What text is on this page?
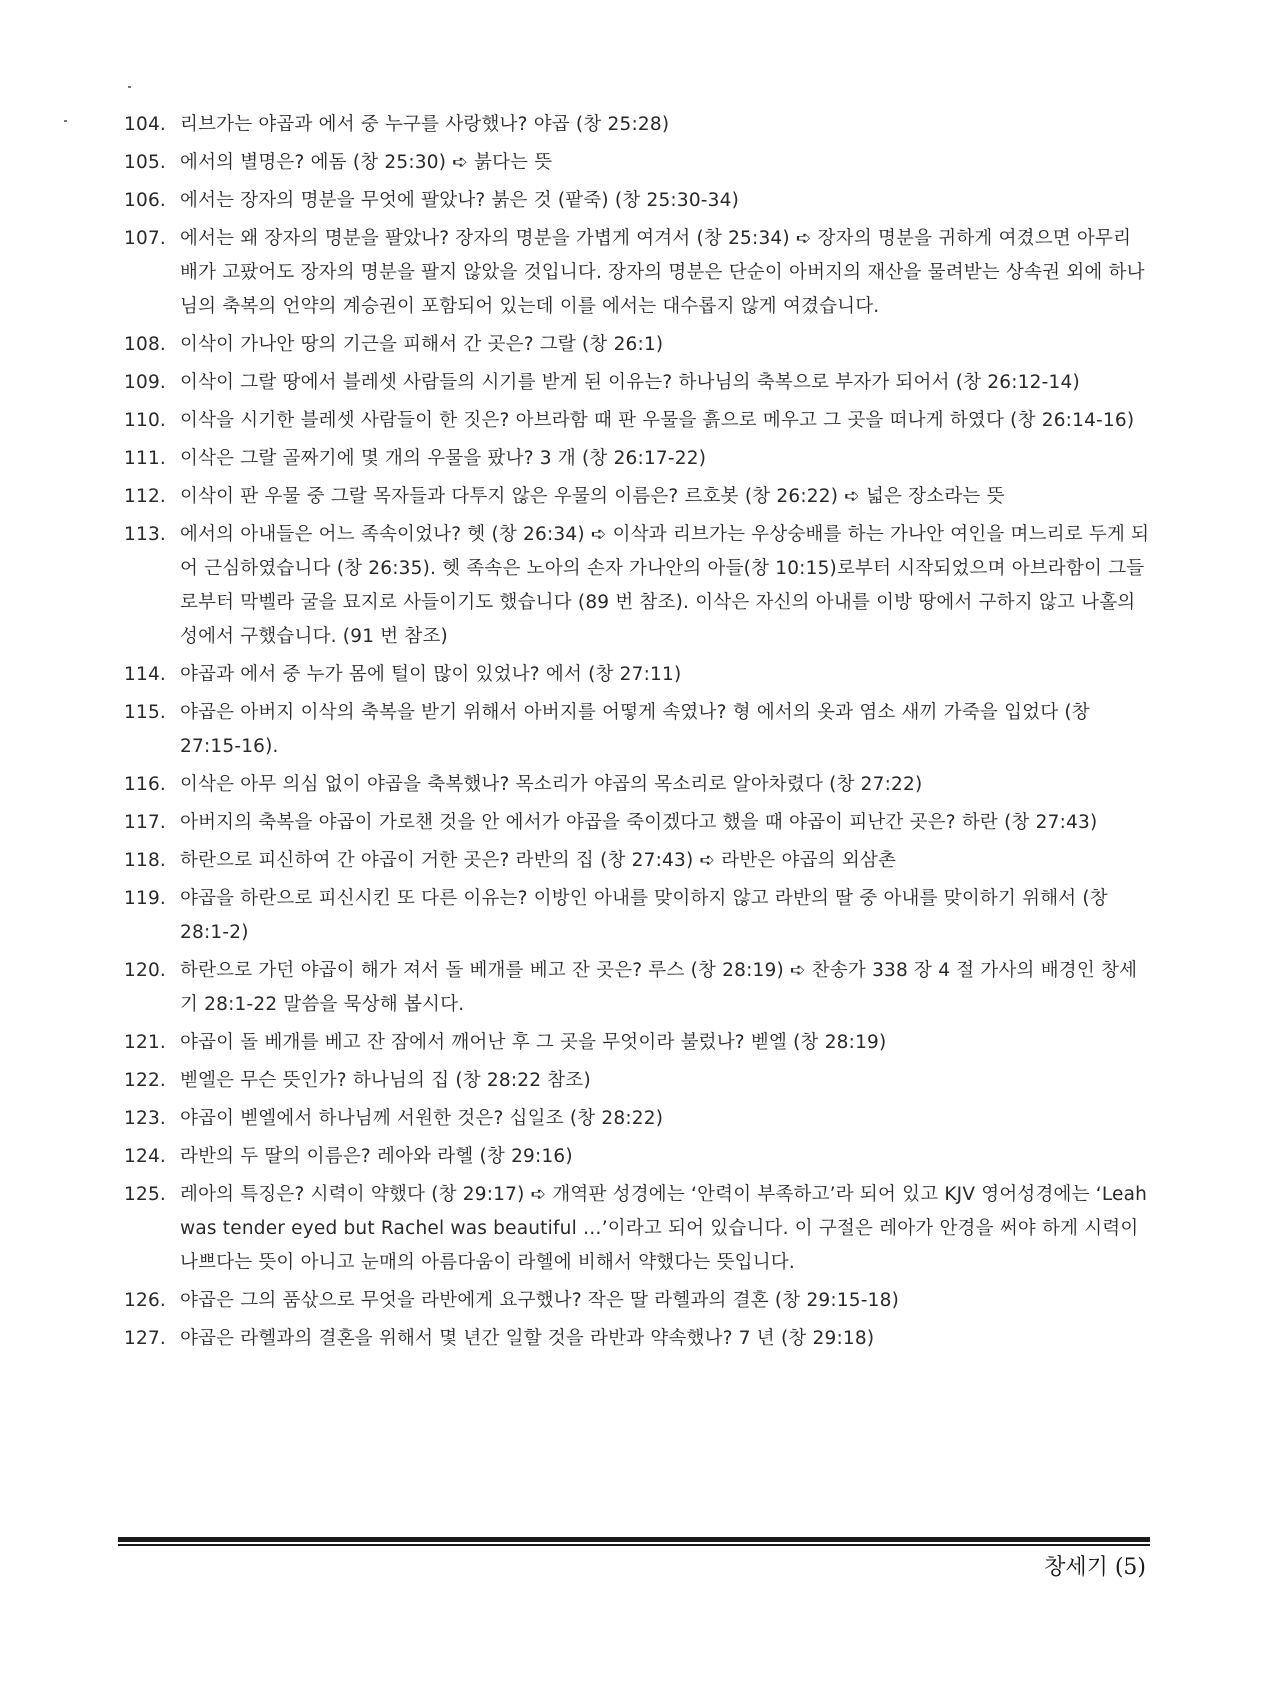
104. 리브가는 야곱과 에서 중 누구를 사랑했나? 야곱 (창 25:28)
105. 에서의 별명은? 에돔 (창 25:30) ➪ 붉다는 뜻
106. 에서는 장자의 명분을 무엇에 팔았나? 붉은 것 (팥죽) (창 25:30-34)
107. 에서는 왜 장자의 명분을 팔았나? 장자의 명분을 가볍게 여겨서 (창 25:34) ➪ 장자의 명분을 귀하게 여겼으면 아무리 배가 고팠어도 장자의 명분을 팔지 않았을 것입니다. 장자의 명분은 단순이 아버지의 재산을 물려받는 상속권 외에 하나님의 축복의 언약의 계승권이 포함되어 있는데 이를 에서는 대수롭지 않게 여겼습니다.
108. 이삭이 가나안 땅의 기근을 피해서 간 곳은? 그랄 (창 26:1)
109. 이삭이 그랄 땅에서 블레셋 사람들의 시기를 받게 된 이유는? 하나님의 축복으로 부자가 되어서 (창 26:12-14)
110. 이삭을 시기한 블레셋 사람들이 한 짓은? 아브라함 때 판 우물을 흙으로 메우고 그 곳을 떠나게 하였다 (창 26:14-16)
111. 이삭은 그랄 골짜기에 몇 개의 우물을 팠나? 3 개 (창 26:17-22)
112. 이삭이 판 우물 중 그랄 목자들과 다투지 않은 우물의 이름은? 르호봇 (창 26:22) ➪ 넓은 장소라는 뜻
113. 에서의 아내들은 어느 족속이었나? 헷 (창 26:34) ➪ 이삭과 리브가는 우상숭배를 하는 가나안 여인을 며느리로 두게 되어 근심하였습니다 (창 26:35). 헷 족속은 노아의 손자 가나안의 아들(창 10:15)로부터 시작되었으며 아브라함이 그들로부터 막벨라 굴을 묘지로 사들이기도 했습니다 (89 번 참조). 이삭은 자신의 아내를 이방 땅에서 구하지 않고 나홀의 성에서 구했습니다. (91 번 참조)
114. 야곱과 에서 중 누가 몸에 털이 많이 있었나? 에서 (창 27:11)
115. 야곱은 아버지 이삭의 축복을 받기 위해서 아버지를 어떻게 속였나? 형 에서의 옷과 염소 새끼 가죽을 입었다 (창 27:15-16).
116. 이삭은 아무 의심 없이 야곱을 축복했나? 목소리가 야곱의 목소리로 알아차렸다 (창 27:22)
117. 아버지의 축복을 야곱이 가로챈 것을 안 에서가 야곱을 죽이겠다고 했을 때 야곱이 피난간 곳은? 하란 (창 27:43)
118. 하란으로 피신하여 간 야곱이 거한 곳은? 라반의 집 (창 27:43) ➪ 라반은 야곱의 외삼촌
119. 야곱을 하란으로 피신시킨 또 다른 이유는? 이방인 아내를 맞이하지 않고 라반의 딸 중 아내를 맞이하기 위해서 (창 28:1-2)
120. 하란으로 가던 야곱이 해가 져서 돌 베개를 베고 잔 곳은? 루스 (창 28:19) ➪ 찬송가 338 장 4 절 가사의 배경인 창세기 28:1-22 말씀을 묵상해 봅시다.
121. 야곱이 돌 베개를 베고 잔 잠에서 깨어난 후 그 곳을 무엇이라 불렀나? 벧엘 (창 28:19)
122. 벧엘은 무슨 뜻인가? 하나님의 집 (창 28:22 참조)
123. 야곱이 벧엘에서 하나님께 서원한 것은? 십일조 (창 28:22)
124. 라반의 두 딸의 이름은? 레아와 라헬 (창 29:16)
125. 레아의 특징은? 시력이 약했다 (창 29:17) ➪ 개역판 성경에는 ‘안력이 부족하고’라 되어 있고 KJV 영어성경에는 ‘Leah was tender eyed but Rachel was beautiful …’이라고 되어 있습니다. 이 구절은 레아가 안경을 써야 하게 시력이 나쁘다는 뜻이 아니고 눈매의 아름다움이 라헬에 비해서 약했다는 뜻입니다.
126. 야곱은 그의 품삯으로 무엇을 라반에게 요구했나? 작은 딸 라헬과의 결혼 (창 29:15-18)
127. 야곱은 라헬과의 결혼을 위해서 몇 년간 일할 것을 라반과 약속했나? 7 년 (창 29:18)
창세기 (5)
